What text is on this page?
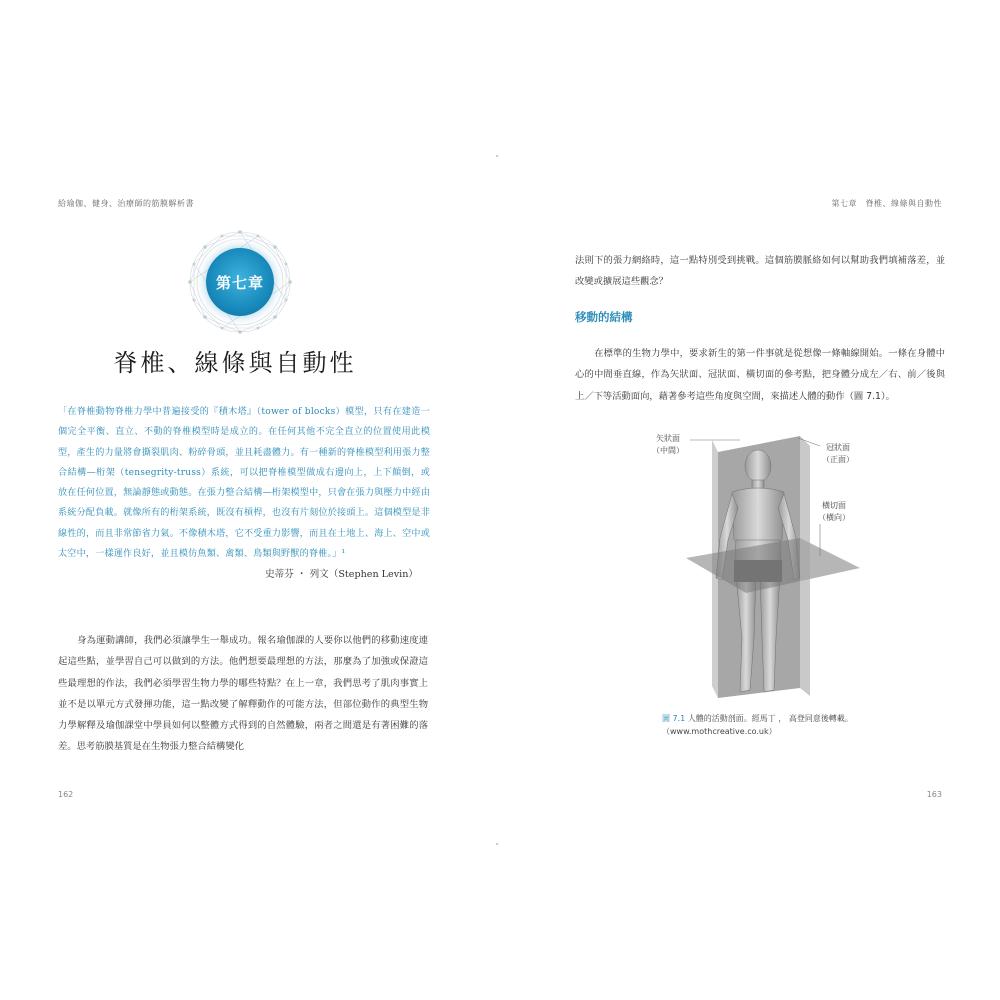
給瑜伽、健身、治療師的筋膜解析書
第七章
脊椎、線條與自動性
「在脊椎動物脊椎力學中普遍接受的『積木塔』（tower of blocks）模型，只有在建造一個完全平衡、直立、不動的脊椎模型時是成立的。在任何其他不完全直立的位置使用此模型，產生的力量將會撕裂肌肉、粉碎骨頭，並且耗盡體力。有一種新的脊椎模型利用張力整合結構—桁架（tensegrity-truss）系統，可以把脊椎模型做成右邊向上，上下顛倒，或放在任何位置，無論靜態或動態。在張力整合結構—桁架模型中，只會在張力與壓力中經由系統分配負載。就像所有的桁架系統，既沒有槓桿，也沒有片刻位於接頭上。這個模型是非線性的，而且非常節省力氣。不像積木塔，它不受重力影響，而且在土地上、海上、空中或太空中，一樣運作良好，並且模仿魚類、禽類、鳥類與野獸的脊椎。」¹
史蒂芬 ・ 列文（Stephen Levin）
身為運動講師，我們必須讓學生一舉成功。報名瑜伽課的人要你以他們的移動速度連起這些點，並學習自己可以做到的方法。他們想要最理想的方法，那麼為了加強或保證這些最理想的作法，我們必須學習生物力學的哪些特點？在上一章，我們思考了肌肉事實上並不是以單元方式發揮功能，這一點改變了解釋動作的可能方法，但部位動作的典型生物力學解釋及瑜伽課堂中學員如何以整體方式得到的自然體驗，兩者之間還是有著困難的落差。思考筋膜基質是在生物張力整合結構變化
162
第七章　脊椎、線條與自動性
法則下的張力網絡時，這一點特別受到挑戰。這個筋膜脈絡如何以幫助我們填補落差，並改變或擴展這些觀念？
移動的結構
在標準的生物力學中，要求新生的第一件事就是從想像一條軸線開始。一條在身體中心的中間垂直線，作為矢狀面、冠狀面、橫切面的參考點，把身體分成左／右、前／後與上／下等活動面向，藉著參考這些角度與空間，來描述人體的動作（圖 7.1）。
矢狀面
（中間）	冠狀面
（正面）
橫切面
（橫向）
圖 7.1 人體的活動剖面。經馬丁 ， 高登同意後轉載。
（www.mothcreative.co.uk）
163
